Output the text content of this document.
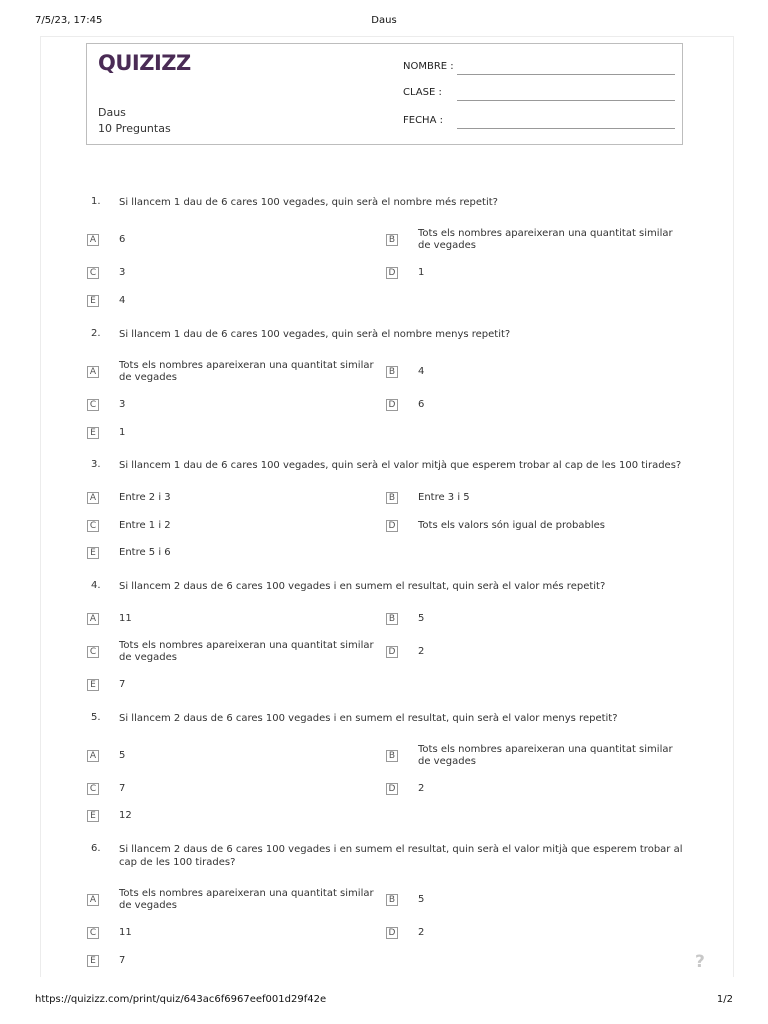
7/5/23, 17:45	Daus
QUIZIZZ
Daus
10 Preguntas
NOMBRE :
CLASE :
FECHA :
1. Si llancem 1 dau de 6 cares 100 vegades, quin serà el nombre més repetit?
A 6	B
Tots els nombres apareixeran una quantitat similar de vegades
C 3	D 1
E	4
2. Si llancem 1 dau de 6 cares 100 vegades, quin serà el nombre menys repetit?
A
Tots els nombres apareixeran una quantitat similar de vegades	B 4
C 3	D 6
E	1
3. Si llancem 1 dau de 6 cares 100 vegades, quin serà el valor mitjà que esperem trobar al cap de les 100 tirades?
A Entre 2 i 3	B Entre 3 i 5
C Entre 1 i 2	D Tots els valors són igual de probables
E	Entre 5 i 6
4. Si llancem 2 daus de 6 cares 100 vegades i en sumem el resultat, quin serà el valor més repetit?
A 11	B 5
C
Tots els nombres apareixeran una quantitat similar de vegades	D 2
E	7
5. Si llancem 2 daus de 6 cares 100 vegades i en sumem el resultat, quin serà el valor menys repetit?
A 5	B
Tots els nombres apareixeran una quantitat similar de vegades
C 7	D 2
E	12
6. Si llancem 2 daus de 6 cares 100 vegades i en sumem el resultat, quin serà el valor mitjà que esperem trobar al cap de les 100 tirades?
A
Tots els nombres apareixeran una quantitat similar de vegades	B 5
C 11	D 2
E	7	?
https://quizizz.com/print/quiz/643ac6f6967eef001d29f42e	1/2
